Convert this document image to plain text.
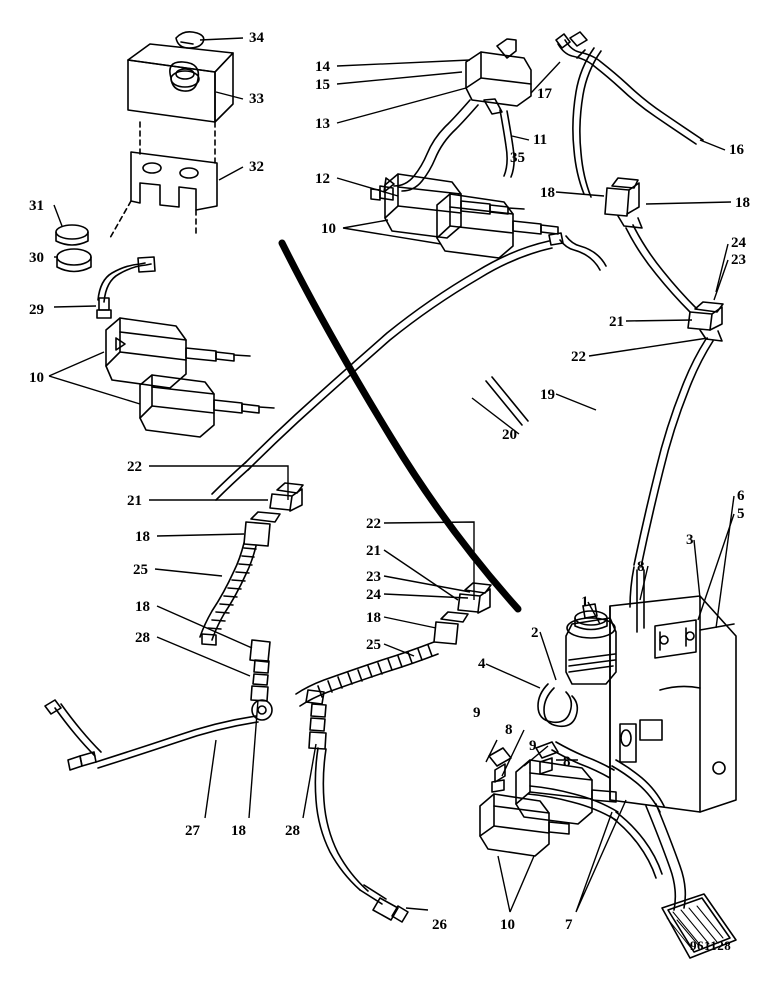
34
33
14
15
13
17
16
11
35
12
32
31
30
29
10
18
18
24
23
21
22
19
10
20
22
21
18
25
22
21
23
24
18
25
18
28
6
5
3
8
1
2
4
9
8
9
8
27 18	28
10	7
26
961128
